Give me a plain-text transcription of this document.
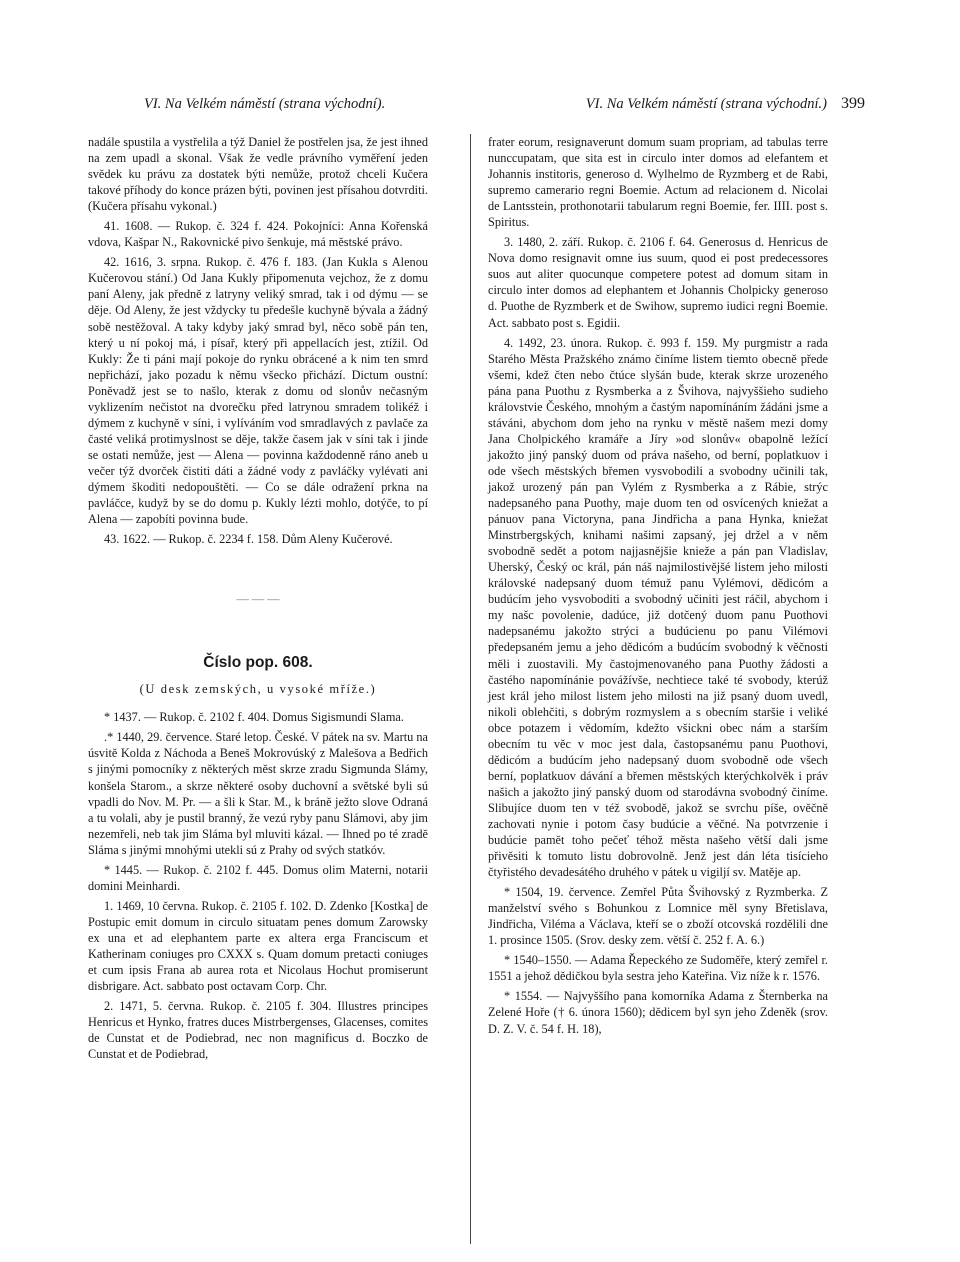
VI. Na Velkém náměstí (strana východní).	VI. Na Velkém náměstí (strana východní.) 399

nadále spustila a vystřelila a týž Daniel že postřelen jsa, že jest ihned na zem upadl a skonal. Však že vedle právního vyměření jeden svědek ku právu za dostatek býti nemůže, protož chceli Kučera takové příhody do konce prázen býti, povinen jest přísahou dotvrditi. (Kučera přísahu vykonal.)

41. 1608. — Rukop. č. 324 f. 424. Pokojníci: Anna Kořenská vdova, Kašpar N., Rakovnické pivo šenkuje, má městské právo.

42. 1616, 3. srpna. Rukop. č. 476 f. 183. (Jan Kukla s Alenou Kučerovou stání.) Od Jana Kukly připomenuta vejchoz, že z domu paní Aleny, jak předně z latryny veliký smrad, tak i od dýmu — se děje. Od Aleny, že jest vždycky tu předešle kuchyně bývala a žádný sobě nestěžoval. A taky kdyby jaký smrad byl, něco sobě pán ten, který u ní pokoj má, i písař, který při appellacích jest, ztížil. Od Kukly: Že ti páni mají pokoje do rynku obrácené a k nim ten smrd nepřichází, jako pozadu k němu všecko přichází. Dictum oustní: Poněvadž jest se to našlo, kterak z domu od slonův nečasným vyklizením nečistot na dvorečku před latrynou smradem tolikéž i dýmem z kuchyně v síni, i vylíváním vod smradlavých z pavlače za časté veliká protimyslnost se děje, takže časem jak v síni tak i jinde se ostati nemůže, jest — Alena — povinna každodenně ráno aneb u večer týž dvorček čistiti dáti a žádné vody z pavláčky vylévati ani dýmem škoditi nedopouštěti. — Co se dále odražení prkna na pavláčce, kudyž by se do domu p. Kukly lézti mohlo, dotýče, to pí Alena — zapobíti povinna bude.

43. 1622. — Rukop. č. 2234 f. 158. Dům Aleny Kučerové.

— — —
Číslo pop. 608.
(U desk zemských, u vysoké mříže.)

* 1437. — Rukop. č. 2102 f. 404. Domus Sigismundi Slama.

.* 1440, 29. července. Staré letop. České. V pátek na sv. Martu na úsvitě Kolda z Náchoda a Beneš Mokrovúský z Malešova a Bedřich s jinými pomocníky z některých měst skrze zradu Sigmunda Slámy, konšela Starom., a skrze některé osoby duchovní a světské byli sú vpadli do Nov. M. Pr. — a šli k Star. M., k bráně ježto slove Odraná a tu volali, aby je pustil branný, že vezú ryby panu Slámovi, aby jim nezemřeli, neb tak jim Sláma byl mluviti kázal. — Ihned po té zradě Sláma s jinými mnohými utekli sú z Prahy od svých statkóv.

* 1445. — Rukop. č. 2102 f. 445. Domus olim Materni, notarii domini Meinhardi.

1. 1469, 10 června. Rukop. č. 2105 f. 102. D. Zdenko [Kostka] de Postupic emit domum in circulo situatam penes domum Zarowsky ex una et ad elephantem parte ex altera erga Franciscum et Katherinam coniuges pro CXXX s. Quam domum pretacti coniuges et cum ipsis Frana ab aurea rota et Nicolaus Hochut promiserunt disbrigare. Act. sabbato post octavam Corp. Chr.

2. 1471, 5. června. Rukop. č. 2105 f. 304. Illustres principes Henricus et Hynko, fratres duces Mistrbergenses, Glacenses, comites de Cunstat et de Podiebrad, nec non magnificus d. Boczko de Cunstat et de Podiebrad,

frater eorum, resignaverunt domum suam propriam, ad tabulas terre nunccupatam, que sita est in circulo inter domos ad elefantem et Johannis institoris, generoso d. Wylhelmo de Ryzmberg et de Rabi, supremo camerario regni Boemie. Actum ad relacionem d. Nicolai de Lantsstein, prothonotarii tabularum regni Boemie, fer. IIII. post s. Spiritus.

3. 1480, 2. září. Rukop. č. 2106 f. 64. Generosus d. Henricus de Nova domo resignavit omne ius suum, quod ei post predecessores suos aut aliter quocunque competere potest ad domum sitam in circulo inter domos ad elephantem et Johannis Cholpicky generoso d. Puothe de Ryzmberk et de Swihow, supremo iudici regni Boemie. Act. sabbato post s. Egidii.

4. 1492, 23. února. Rukop. č. 993 f. 159. My purgmistr a rada Starého Města Pražského známo činíme listem tiemto obecně přede všemi, kdež čten nebo čtúce slyšán bude, kterak skrze urozeného pána pana Puothu z Rysmberka a z Švihova, najvyššieho sudieho královstvie Českého, mnohým a častým napomínáním žádáni jsme a stáváni, abychom dom jeho na rynku v městě našem mezi domy Jana Cholpického kramáře a Jíry »od slonův« obapolně ležící jakožto jiný panský duom od práva našeho, od berní, poplatkuov i ode všech městských břemen vysvobodili a svobodny učinili tak, jakož urozený pán pan Vylém z Rysmberka a z Rábie, strýc nadepsaného pana Puothy, maje duom ten od osvícených kniežat a pánuov pana Victoryna, pana Jindřicha a pana Hynka, kniežat Minstrbergských, knihami našimi zapsaný, jej držel a v něm svobodně sedět a potom najjasnějšie knieže a pán pan Vladislav, Uherský, Český oc král, pán náš najmilostivějšé listem jeho milosti královské nadepsaný duom témuž panu Vylémovi, dědicóm a budúcím jeho vysvoboditi a svobodný učiniti jest ráčil, abychom i my našc povolenie, dadúce, již dotčený duom panu Puothovi nadepsanému jakožto strýci a budúcienu po panu Vilémovi předepsaném jemu a jeho dědicóm a budúcím svobodný k věčnosti měli i zuostavili. My častojmenovaného pana Puothy žádosti a častého napomínánie povážívše, nechtiece také té svobody, kterúž jest král jeho milost listem jeho milosti na již psaný duom uvedl, nikoli oblehčiti, s dobrým rozmyslem a s obecním staršie i veliké obce potazem i vědomím, kdežto všickni obec nám a starším obecním tu věc v moc jest dala, častopsanému panu Puothovi, dědicóm a budúcím jeho nadepsaný duom svobodně ode všech berní, poplatkuov dávání a břemen městských kterýchkolvěk i práv našich a jakožto jiný panský duom od starodávna svobodný činíme. Slibujíce duom ten v též svobodě, jakož se svrchu píše, ověčně zachovati nynie i potom časy budúcie a věčné. Na potvrzenie i budúcie pamět toho pečeť téhož města našeho větší dali jsme přivěsiti k tomuto listu dobrovolně. Jenž jest dán léta tisícieho čtyřistého devadesátého druhého v pátek u vigiljí sv. Matěje ap.

* 1504, 19. července. Zemřel Půta Švihovský z Ryzmberka. Z manželství svého s Bohunkou z Lomnice měl syny Břetislava, Jindřicha, Viléma a Václava, kteří se o zboží otcovská rozdělili dne 1. prosince 1505. (Srov. desky zem. větší č. 252 f. A. 6.)

* 1540–1550. — Adama Řepeckého ze Sudoměře, který zemřel r. 1551 a jehož dědičkou byla sestra jeho Kateřina. Viz níže k r. 1576.

* 1554. — Najvyššího pana komorníka Adama z Šternberka na Zelené Hoře († 6. února 1560); dědicem byl syn jeho Zdeněk (srov. D. Z. V. č. 54 f. H. 18),
